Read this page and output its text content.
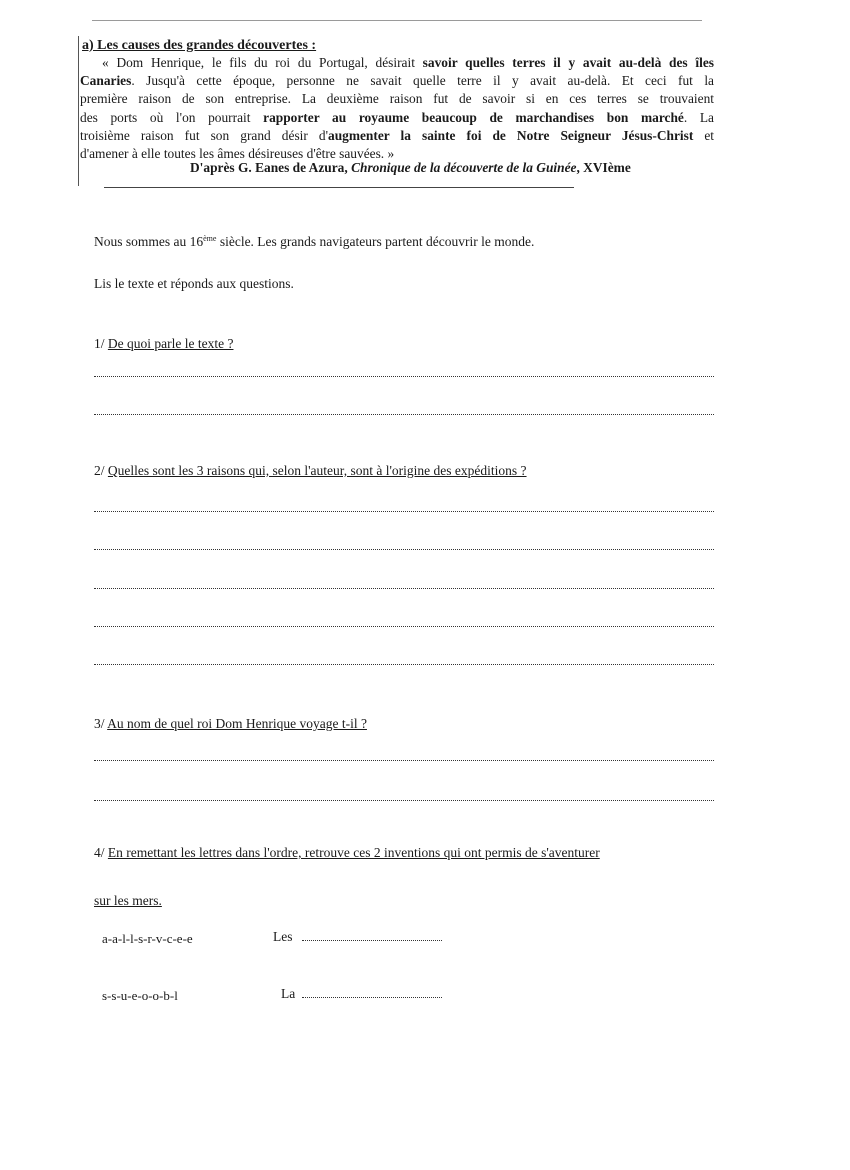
a) Les causes des grandes découvertes :
« Dom Henrique, le fils du roi du Portugal, désirait savoir quelles terres il y avait au-delà des îles
Canaries. Jusqu'à cette époque, personne ne savait quelle terre il y avait au-delà. Et ceci fut la
première raison de son entreprise. La deuxième raison fut de savoir si en ces terres se trouvaient
des ports où l'on pourrait rapporter au royaume beaucoup de marchandises bon marché. La
troisième raison fut son grand désir d'augmenter la sainte foi de Notre Seigneur Jésus-Christ et
d'amener à elle toutes les âmes désireuses d'être sauvées. »
D'après G. Eanes de Azura, Chronique de la découverte de la Guinée, XVIème
Nous sommes au 16ème siècle. Les grands navigateurs partent découvrir le monde.
Lis le texte et réponds aux questions.
1/ De quoi parle le texte ?
2/ Quelles sont les 3 raisons qui, selon l'auteur, sont à l'origine des expéditions ?
3/ Au nom de quel roi Dom Henrique voyage t-il ?
4/ En remettant les lettres dans l'ordre, retrouve ces 2 inventions qui ont permis de s'aventurer
sur les mers.
a-a-l-l-s-r-v-c-e-e	Les
s-s-u-e-o-o-b-l	La
